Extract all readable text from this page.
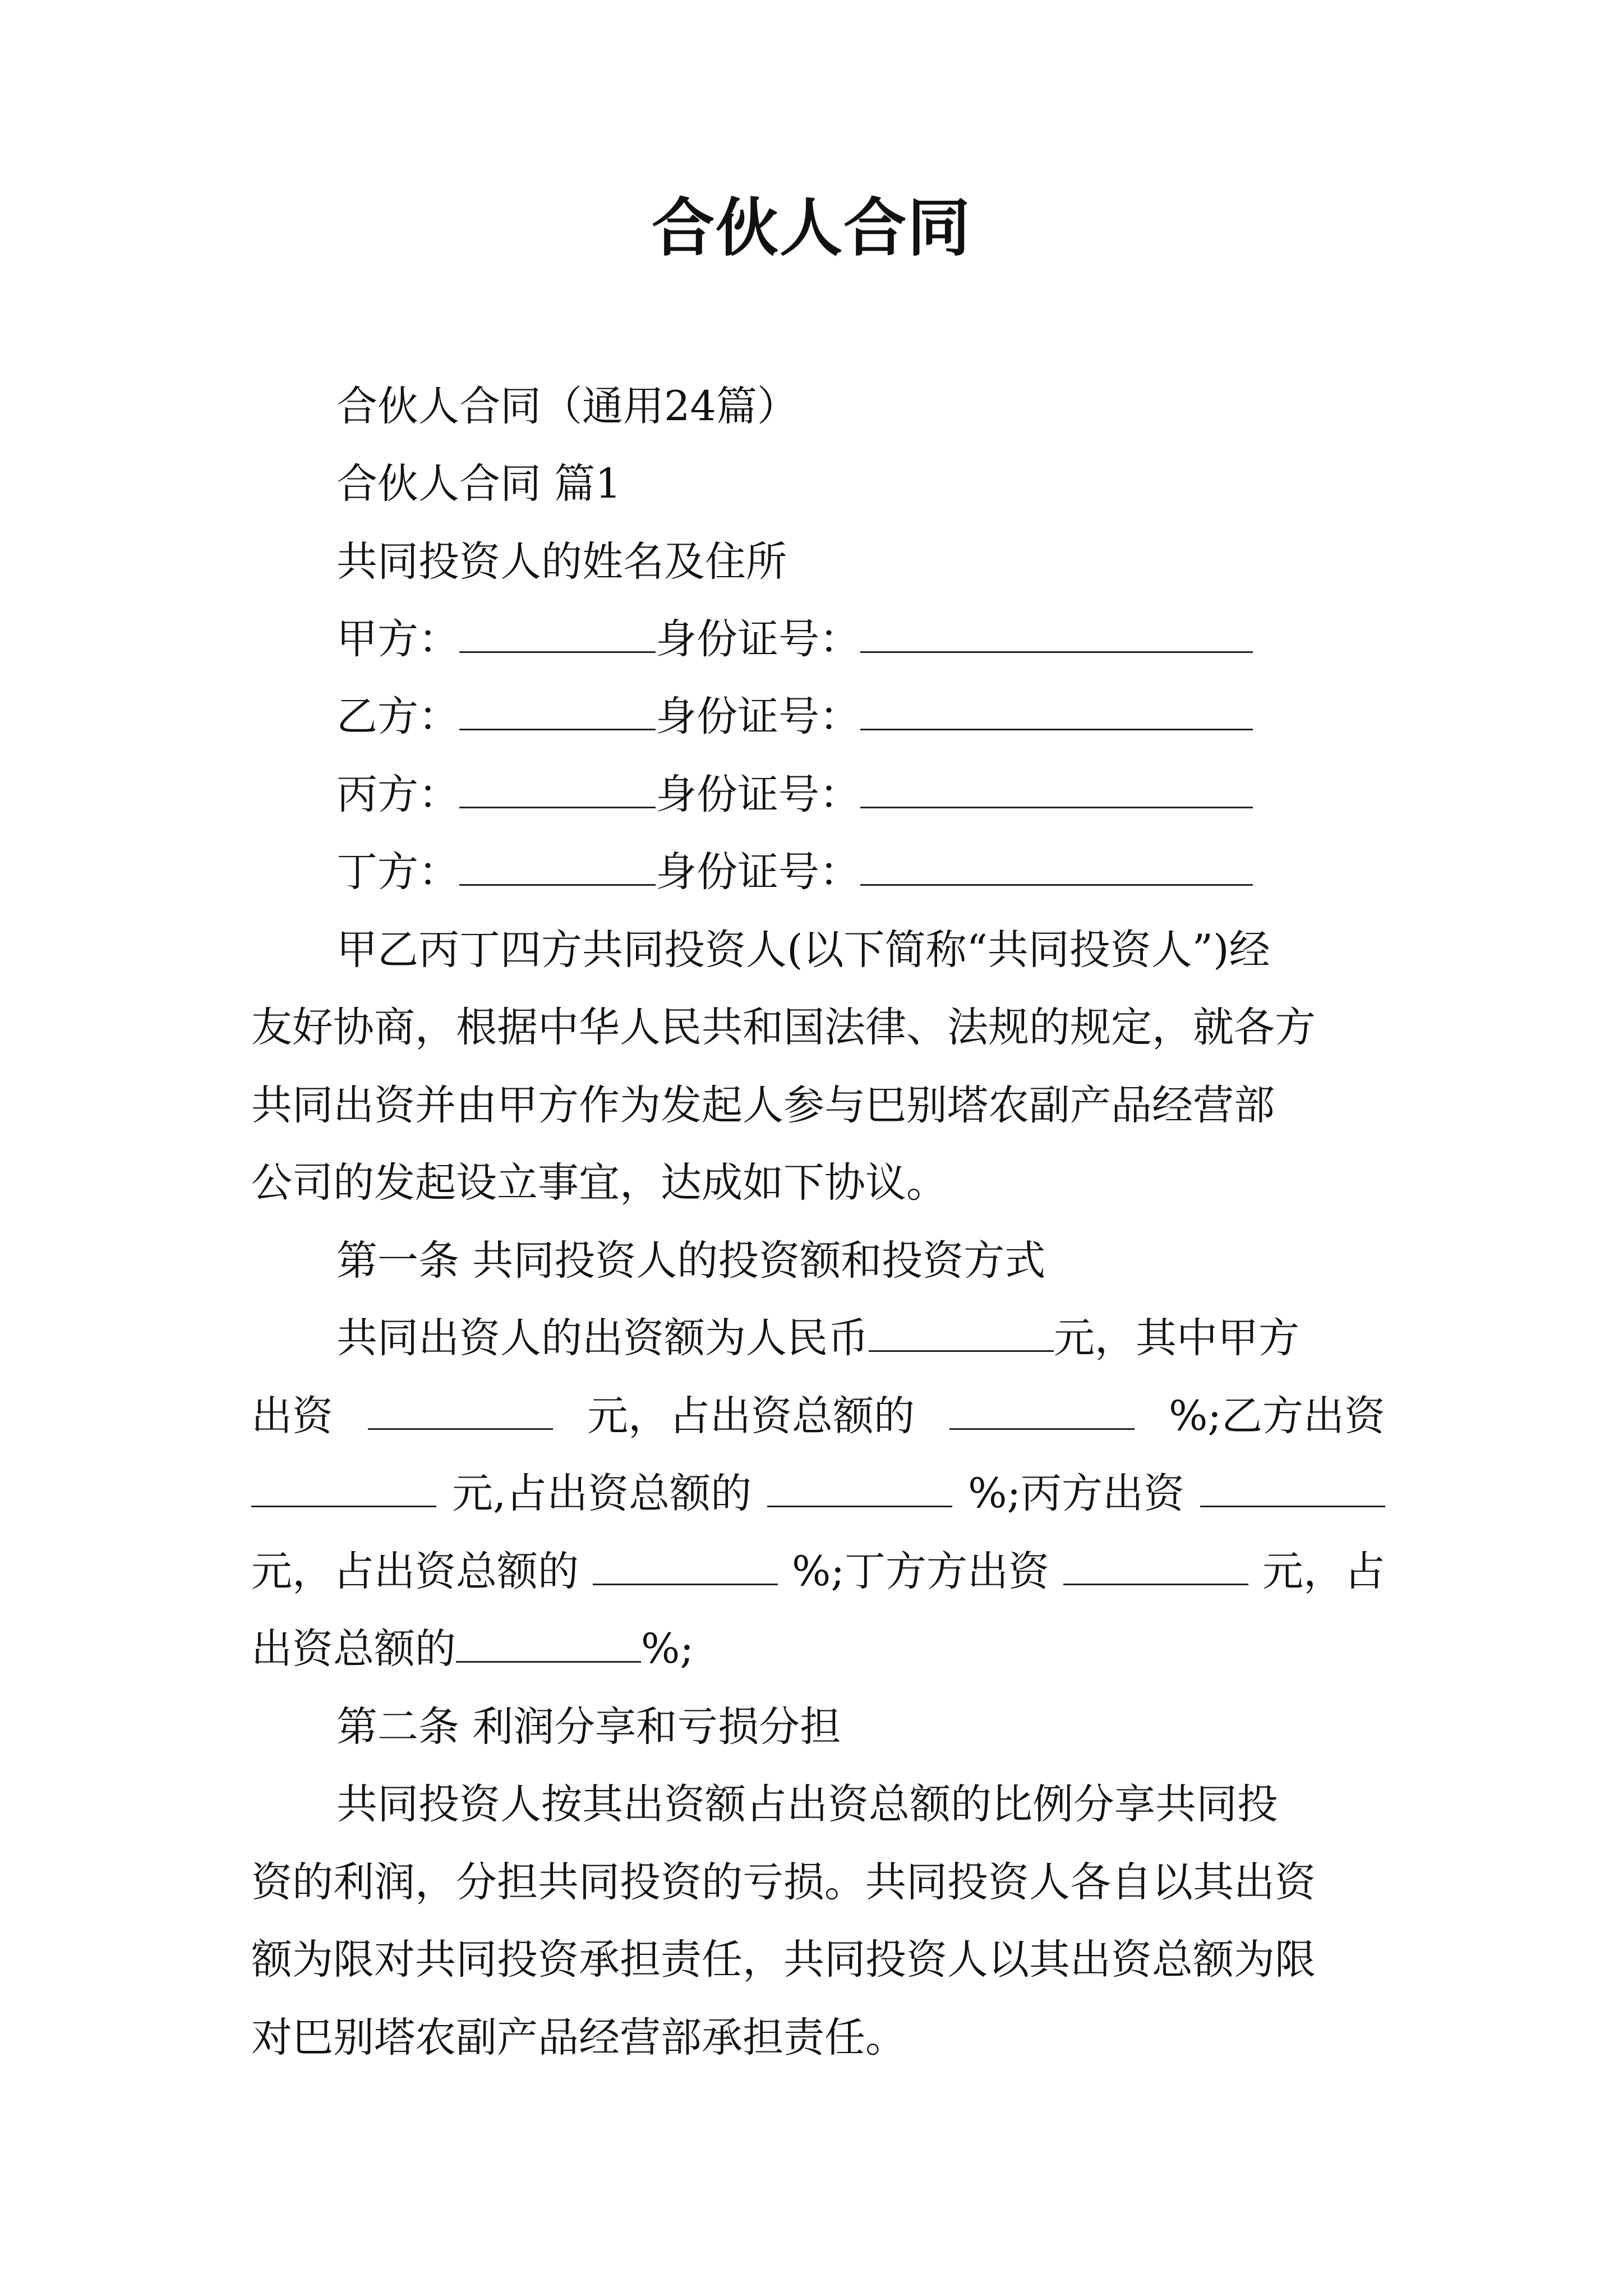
合伙人合同
合伙人合同（通用24篇）
合伙人合同 篇1
共同投资人的姓名及住所
甲方：	身份证号：
乙方：	身份证号：
丙方：	身份证号：
丁方：	身份证号：
甲乙丙丁四方共同投资人(以下简称“共同投资人”)经
友好协商，根据中华人民共和国法律、法规的规定，就各方
共同出资并由甲方作为发起人参与巴别塔农副产品经营部
公司的发起设立事宜，达成如下协议。
第一条 共同投资人的投资额和投资方式
共同出资人的出资额为人民币	元，其中甲方
出资	元，占出资总额的	%;乙方出资
元,占出资总额的	%;丙方出资
元，占出资总额的	%;丁方方出资	元，占
出资总额的	%;
第二条 利润分享和亏损分担
共同投资人按其出资额占出资总额的比例分享共同投
资的利润，分担共同投资的亏损。共同投资人各自以其出资
额为限对共同投资承担责任，共同投资人以其出资总额为限
对巴别塔农副产品经营部承担责任。
